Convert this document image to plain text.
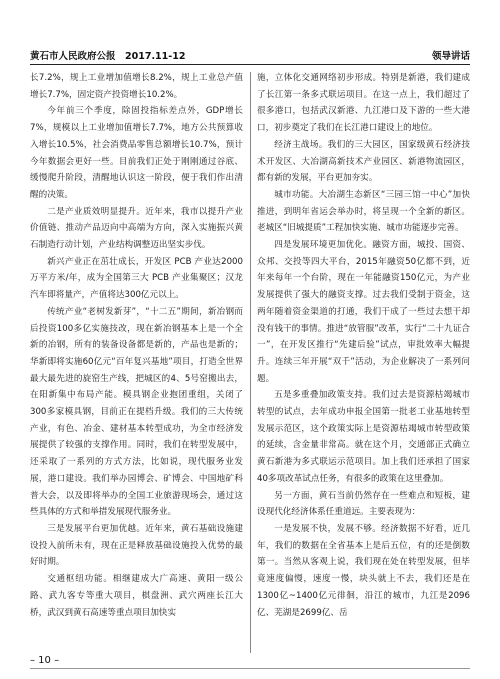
黄石市人民政府公报　2017.11-12	领导讲话

长7.2%，规上工业增加值增长8.2%，规上工业总产值增长7.7%，固定资产投资增长10.2%。

今年前三个季度，除固投指标差点外，GDP增长7%，规模以上工业增加值增长7.7%，地方公共预算收入增长10.5%，社会消费品零售总额增长10.7%，预计今年数据会更好一些。目前我们正处于刚刚通过谷底、缓慢爬升阶段，清醒地认识这一阶段，便于我们作出清醒的决策。

二是产业质效明显提升。近年来，我市以提升产业价值链、推动产品迈向中高端为方向，深入实施振兴黄石制造行动计划，产业结构调整迈出坚实步伐。

新兴产业正在茁壮成长，开发区 PCB 产业达2000万平方米/年，成为全国第三大 PCB 产业集聚区；汉龙汽车即将量产，产值将达300亿元以上。

传统产业“老树发新芽”，“十二五”期间，新冶钢而后投资100多亿实施技改，现在新冶钢基本上是一个全新的冶钢，所有的装备设备都是新的，产品也是新的；华新即将实施60亿元“百年复兴基地”项目，打造全世界最大最先进的旋窑生产线，把城区的4、5号窑搬出去，在阳新集中布局产能。模具钢企业抱团重组，关闭了300多家模具钢，目前正在提档升级。我们的三大传统产业，有色、冶金、建材基本转型成功，为全市经济发展提供了较强的支撑作用。同时，我们在转型发展中，还采取了一系列的方式方法，比如说，现代服务业发展，港口建设。我们举办园博会、矿博会、中国地矿科普大会，以及即将举办的全国工业旅游现场会，通过这些具体的方式和举措发展现代服务业。

三是发展平台更加优越。近年来，黄石基础设施建设投入前所未有，现在正是释放基础设施投入优势的最好时期。

交通枢纽功能。相继建成大广高速、黄阳一级公路、武九客专等重大项目，棋盘洲、武穴两座长江大桥，武汉到黄石高速等重点项目加快实

施，立体化交通网络初步形成。特别是新港，我们建成了长江第一条多式联运项目。在这一点上，我们超过了很多港口，包括武汉新港、九江港口及下游的一些大港口，初步奠定了我们在长江港口建设上的地位。

经济主战场。我们的三大园区，国家级黄石经济技术开发区、大冶湖高新技术产业园区、新港物流园区，都有新的发展，平台更加夯实。

城市功能。大冶湖生态新区“三园三馆一中心”加快推进，到明年省运会举办时，将呈现一个全新的新区。老城区“旧城提质”工程加快实施、城市功能逐步完善。

四是发展环境更加优化。融资方面，城投、国资、众邦、交投等四大平台，2015年融资50亿都不到，近年来每年一个台阶，现在一年能融资150亿元，为产业发展提供了强大的融资支撑。过去我们受制于资金，这两年随着资金渠道的打通，我们干成了一些过去想干却没有钱干的事情。推进“放管服”改革，实行“二十九证合一”，在开发区推行“先建后验”试点，审批效率大幅提升。连续三年开展“双千”活动，为企业解决了一系列问题。

五是多重叠加政策支持。我们过去是资源枯竭城市转型的试点，去年成功申报全国第一批老工业基地转型发展示范区，这个政策实际上是资源枯竭城市转型政策的延续，含金量非常高。就在这个月，交通部正式确立黄石新港为多式联运示范项目。加上我们还承担了国家40多项改革试点任务，有很多的政策在这里叠加。

另一方面，黄石当前仍然存在一些难点和短板，建设现代化经济体系任重道远。主要表现为：

一是发展不快，发展不够。经济数据不好看，近几年，我们的数据在全省基本上是后五位，有的还是倒数第一。当然从客观上说，我们现在处在转型发展，但毕竟速度偏慢，速度一慢，块头就上不去，我们还是在1300亿~1400亿元徘徊，沿江的城市，九江是2096亿、芜湖是2699亿、岳

– 10 –
